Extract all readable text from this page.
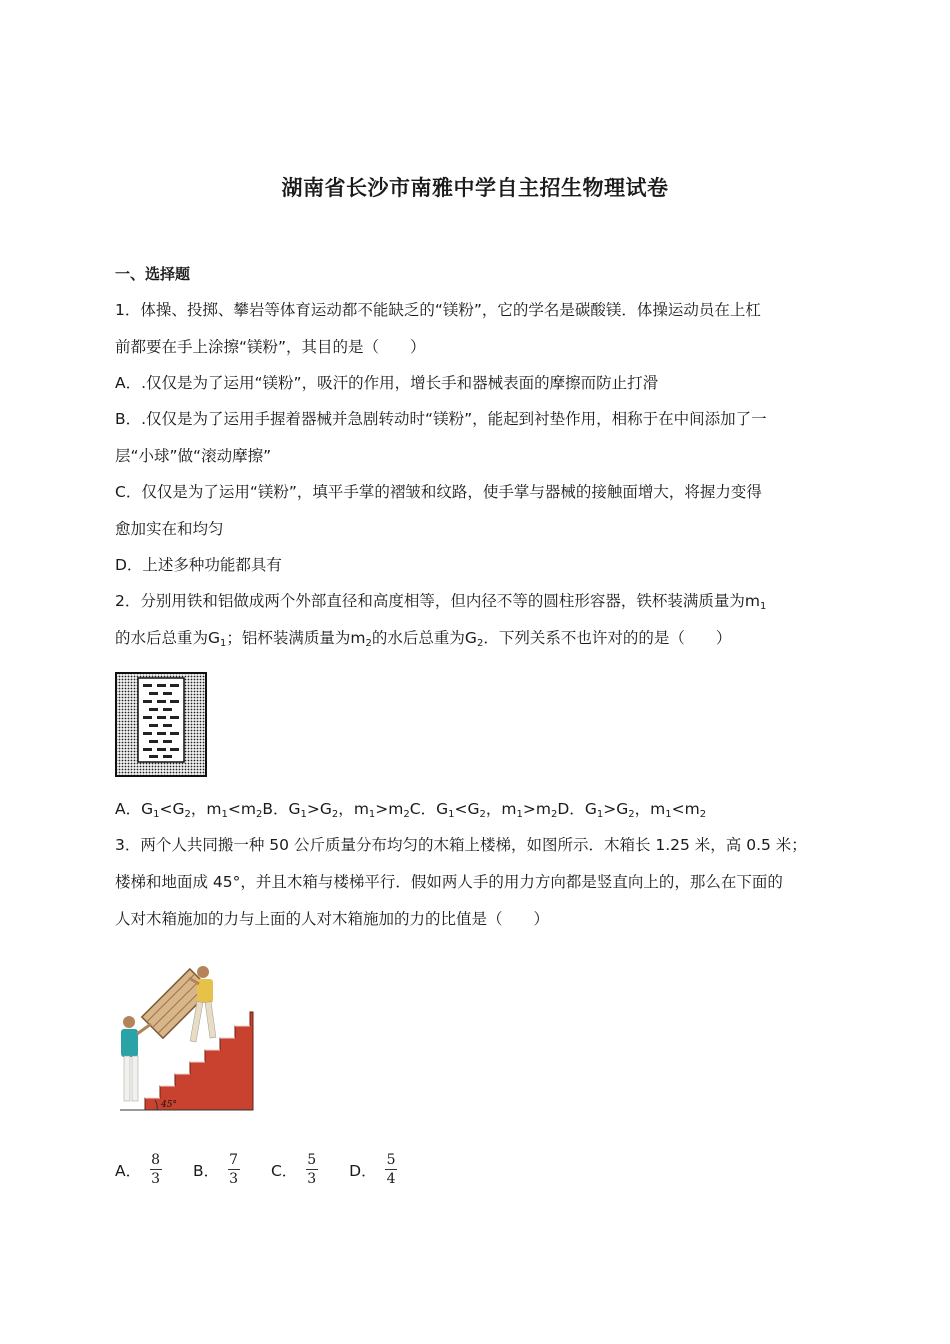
湖南省长沙市南雅中学自主招生物理试卷
一、选择题
1．体操、投掷、攀岩等体育运动都不能缺乏的“镁粉”，它的学名是碳酸镁．体操运动员在上杠
前都要在手上涂擦“镁粉”，其目的是（　　）
A．.仅仅是为了运用“镁粉”，吸汗的作用，增长手和器械表面的摩擦而防止打滑
B．.仅仅是为了运用手握着器械并急剧转动时“镁粉”，能起到衬垫作用，相称于在中间添加了一
层“小球”做“滚动摩擦”
C．仅仅是为了运用“镁粉”，填平手掌的褶皱和纹路，使手掌与器械的接触面增大，将握力变得
愈加实在和均匀
D．上述多种功能都具有
2．分别用铁和铝做成两个外部直径和高度相等，但内径不等的圆柱形容器，铁杯装满质量为$m_1$
的水后总重为$G_1$；铝杯装满质量为$m_2$的水后总重为$G_2$．下列关系不也许对的的是（　　）
A．$G_1<G_2$，$m_1<m_2B$．$G_1>G_2$，$m_1>m_2C$．$G_1<G_2$，$m_1>m_2D$．$G_1>G_2$，$m_1<m_2$
3．两个人共同搬一种 50 公斤质量分布均匀的木箱上楼梯，如图所示．木箱长 1.25 米，高 0.5 米；
楼梯和地面成 45°，并且木箱与楼梯平行．假如两人手的用力方向都是竖直向上的，那么在下面的
人对木箱施加的力与上面的人对木箱施加的力的比值是（　　）
45°
A． $\frac{8}{3}$
B． $\frac{7}{3}$
C． $\frac{5}{3}$
D． $\frac{5}{4}$
